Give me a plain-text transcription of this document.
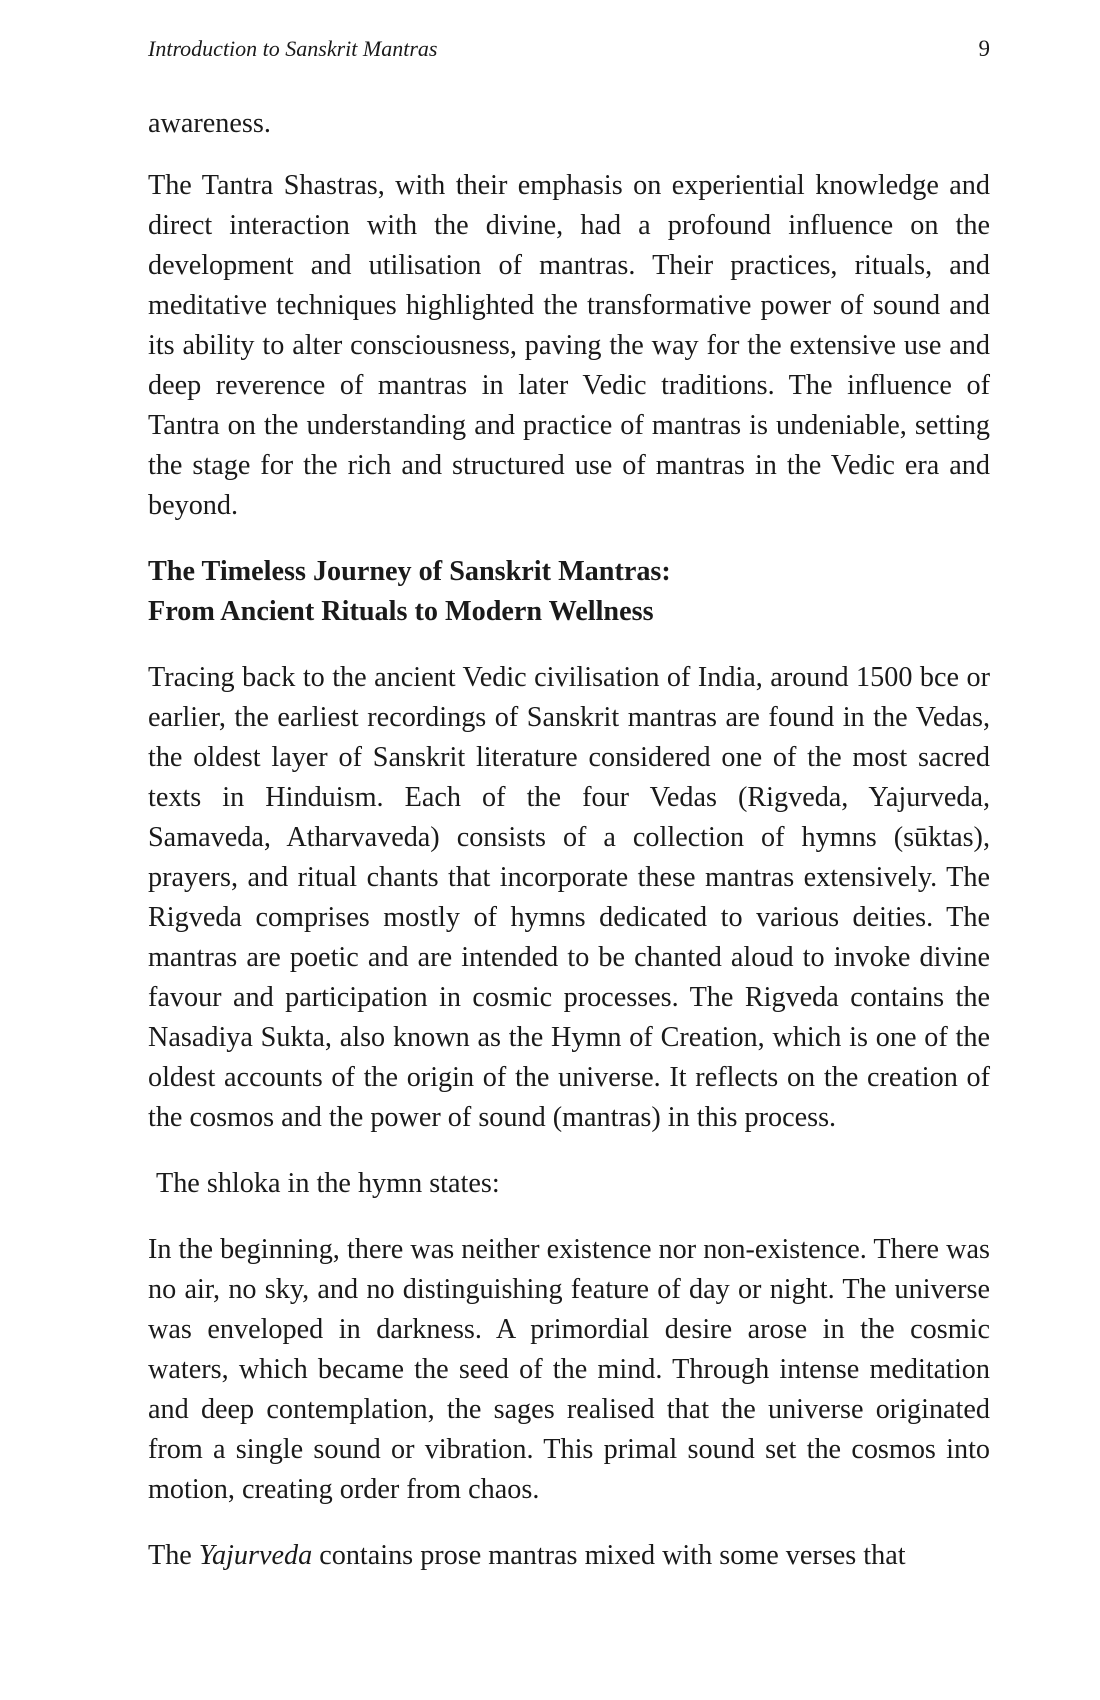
Introduction to Sanskrit Mantras	9

awareness.

The Tantra Shastras, with their emphasis on experiential knowledge and direct interaction with the divine, had a profound influence on the development and utilisation of mantras. Their practices, rituals, and meditative techniques highlighted the transformative power of sound and its ability to alter consciousness, paving the way for the extensive use and deep reverence of mantras in later Vedic traditions. The influence of Tantra on the understanding and practice of mantras is undeniable, setting the stage for the rich and structured use of mantras in the Vedic era and beyond.

The Timeless Journey of Sanskrit Mantras:
From Ancient Rituals to Modern Wellness

Tracing back to the ancient Vedic civilisation of India, around 1500 bce or earlier, the earliest recordings of Sanskrit mantras are found in the Vedas, the oldest layer of Sanskrit literature considered one of the most sacred texts in Hinduism. Each of the four Vedas (Rigveda, Yajurveda, Samaveda, Atharvaveda) consists of a collection of hymns (sūktas), prayers, and ritual chants that incorporate these mantras extensively. The Rigveda comprises mostly of hymns dedicated to various deities. The mantras are poetic and are intended to be chanted aloud to invoke divine favour and participation in cosmic processes. The Rigveda contains the Nasadiya Sukta, also known as the Hymn of Creation, which is one of the oldest accounts of the origin of the universe. It reflects on the creation of the cosmos and the power of sound (mantras) in this process.

The shloka in the hymn states:

In the beginning, there was neither existence nor non-existence. There was no air, no sky, and no distinguishing feature of day or night. The universe was enveloped in darkness. A primordial desire arose in the cosmic waters, which became the seed of the mind. Through intense meditation and deep contemplation, the sages realised that the universe originated from a single sound or vibration. This primal sound set the cosmos into motion, creating order from chaos.

The Yajurveda contains prose mantras mixed with some verses that
